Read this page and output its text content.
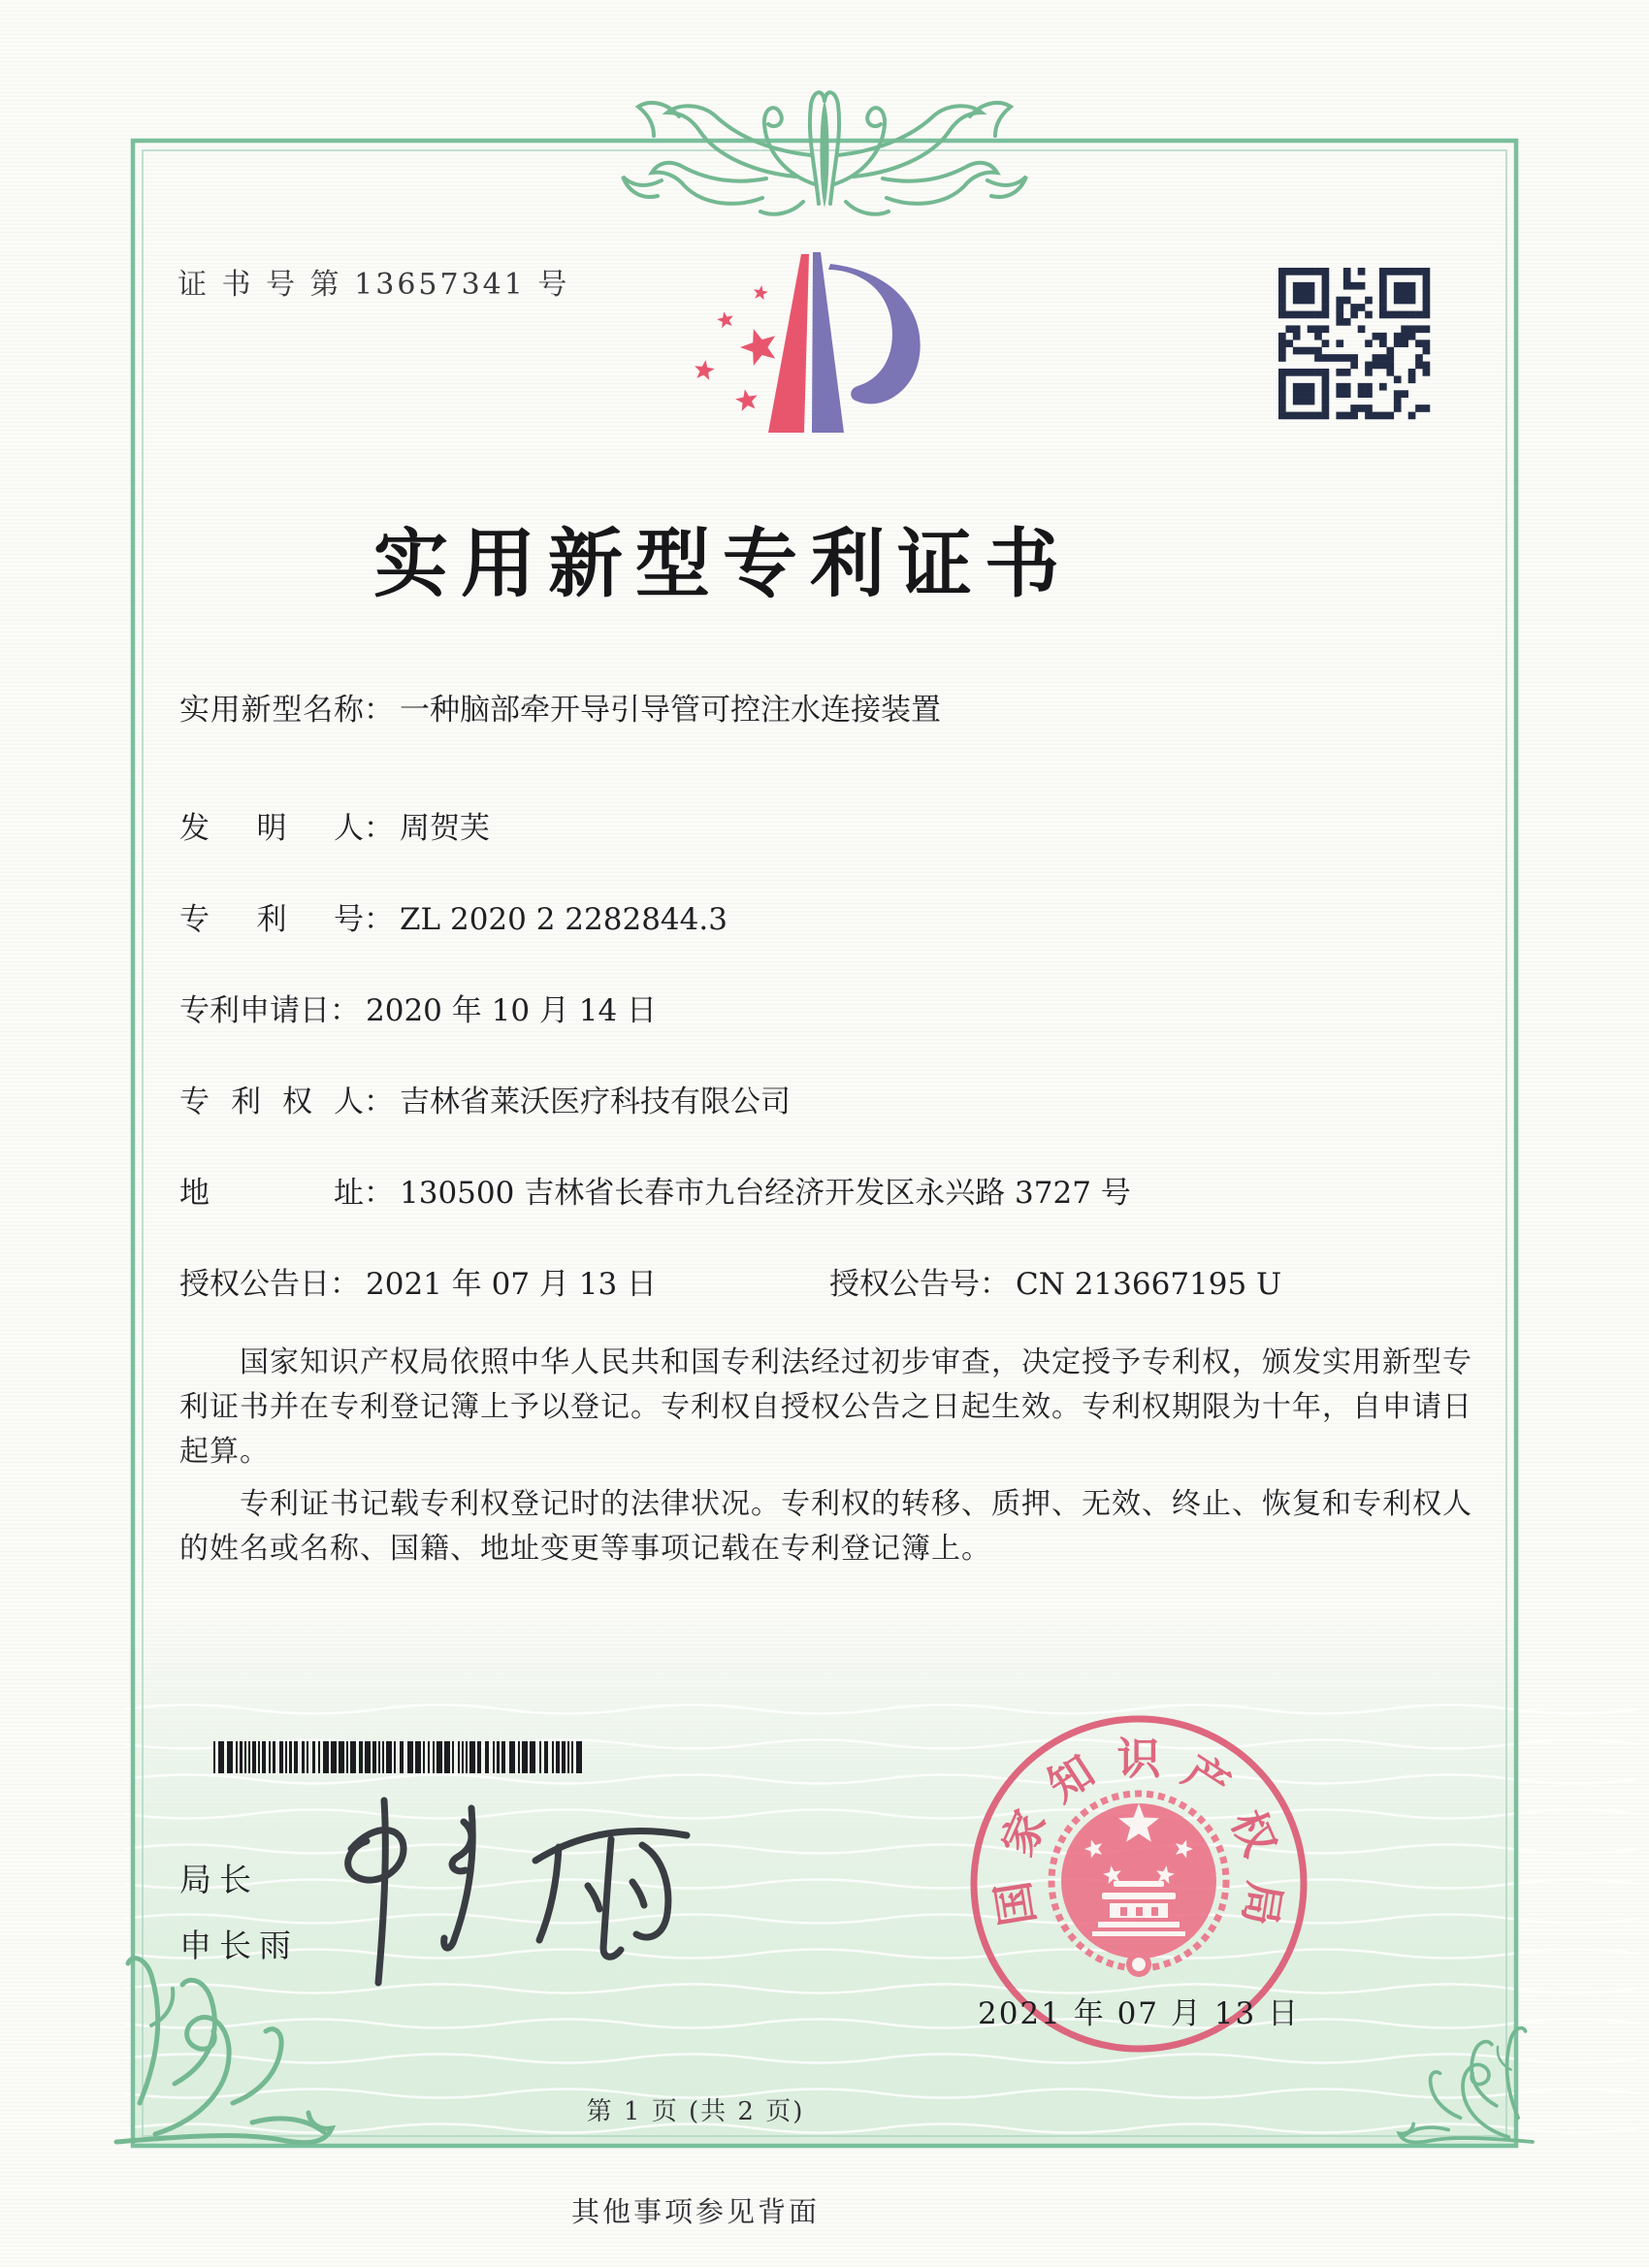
证 书 号 第 13657341 号
实用新型专利证书
实 用 新 型 名 称 ： 一种脑部牵开导引导管可控注水连接装置
发 明 人 ： 周贺芙
专 利 号 ： ZL 2020 2 2282844.3
专利申请日： 2020 年 10 月 14 日
专 利 权 人 ： 吉林省莱沃医疗科技有限公司
地	址 ： 130500 吉林省长春市九台经济开发区永兴路 3727 号
授权公告日： 2021 年 07 月 13 日	授权公告号： CN 213667195 U

国家知识产权局依照中华人民共和国专利法经过初步审查，决定授予专利权，颁发实用新型专利证书并在专利登记簿上予以登记。专利权自授权公告之日起生效。专利权期限为十年，自申请日起算。

专利证书记载专利权登记时的法律状况。专利权的转移、质押、无效、终止、恢复和专利权人的姓名或名称、国籍、地址变更等事项记载在专利登记簿上。

局长
申长雨
国
家
知 识 产
权
局
2021 年 07 月 13 日
第 1 页 (共 2 页)
其他事项参见背面
